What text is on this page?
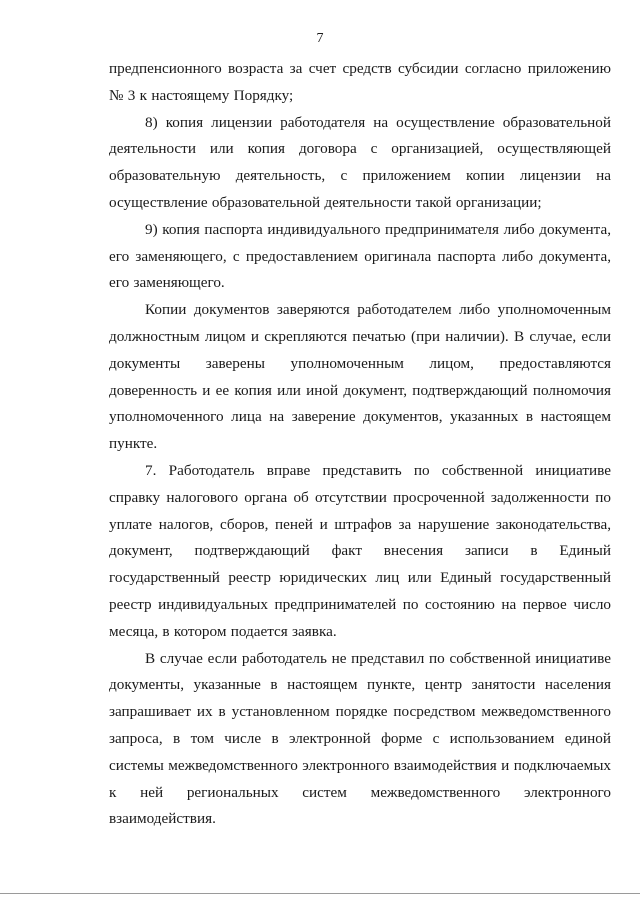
7

предпенсионного возраста за счет средств субсидии согласно приложению № 3 к настоящему Порядку;

8) копия лицензии работодателя на осуществление образовательной деятельности или копия договора с организацией, осуществляющей образовательную деятельность, с приложением копии лицензии на осуществление образовательной деятельности такой организации;

9) копия паспорта индивидуального предпринимателя либо документа, его заменяющего, с предоставлением оригинала паспорта либо документа, его заменяющего.

Копии документов заверяются работодателем либо уполномоченным должностным лицом и скрепляются печатью (при наличии). В случае, если документы заверены уполномоченным лицом, предоставляются доверенность и ее копия или иной документ, подтверждающий полномочия уполномоченного лица на заверение документов, указанных в настоящем пункте.

7. Работодатель вправе представить по собственной инициативе справку налогового органа об отсутствии просроченной задолженности по уплате налогов, сборов, пеней и штрафов за нарушение законодательства, документ, подтверждающий факт внесения записи в Единый государственный реестр юридических лиц или Единый государственный реестр индивидуальных предпринимателей по состоянию на первое число месяца, в котором подается заявка.

В случае если работодатель не представил по собственной инициативе документы, указанные в настоящем пункте, центр занятости населения запрашивает их в установленном порядке посредством межведомственного запроса, в том числе в электронной форме с использованием единой системы межведомственного электронного взаимодействия и подключаемых к ней региональных систем межведомственного электронного взаимодействия.
